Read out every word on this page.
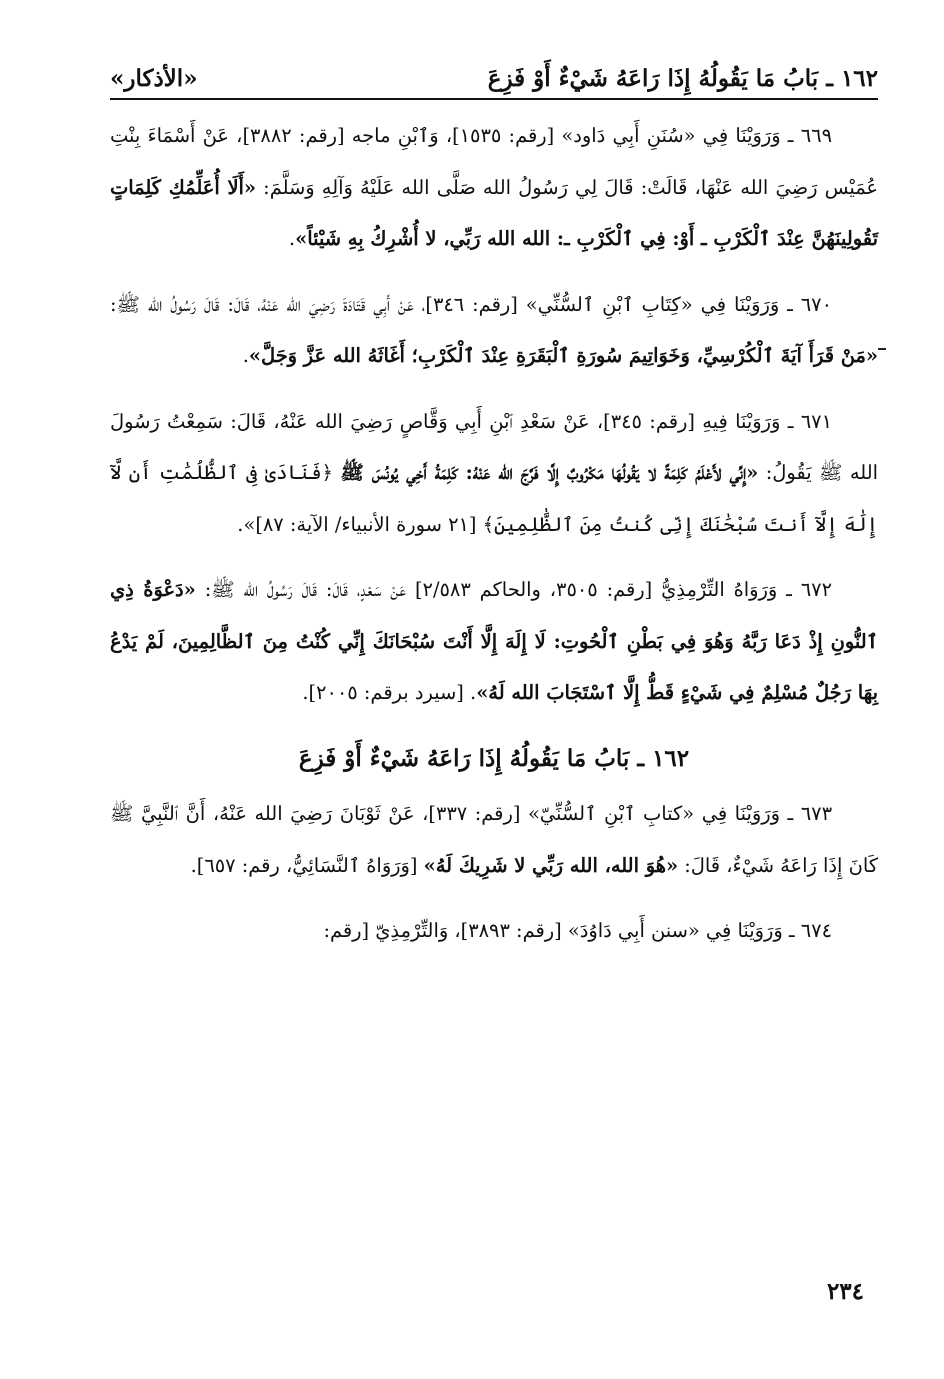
١٦٢ ـ بَابُ مَا يَقُولُهُ إِذَا رَاعَهُ شَيْءٌ أَوْ فَزِعَ
«الأذكار»

٦٦٩ ـ وَرَوَيْنَا فِي «سُنَنِ أَبِي دَاود» [رقم: ١٥٣٥]، وَٱبْنِ ماجه [رقم: ٣٨٨٢]، عَنْ أَسْمَاءَ بِنْتِ عُمَيْس رَضِيَ الله عَنْهَا، قَالَتْ: قَالَ لِي رَسُولُ الله صَلَّى الله عَلَيْهُ وَآلِهِ وَسَلَّمَ: «أَلَا أُعَلِّمُكِ كَلِمَاتٍ تَقُولِينَهُنَّ عِنْدَ ٱلْكَرْبِ ـ أَوْ: فِي ٱلْكَرْبِ ـ: الله الله رَبِّي، لا أُشْرِكُ بِهِ شَيْئاً».

٦٧٠ ـ وَرَوَيْنَا فِي «كِتَابِ ٱبْنِ ٱلسُّنِّي» [رقم: ٣٤٦]، عَنْ أَبِي قَتَادَةَ رَضِيَ الله عَنْهُ، قَالَ: قَالَ رَسُولُ الله ﷺ: «مَنْ قَرَأَ آيَةَ ٱلْكُرْسِيِّ، وَخَوَاتِيمَ سُورَةِ ٱلْبَقَرَةِ عِنْدَ ٱلْكَرْبِ؛ أَغَاثَهُ الله عَزَّ وَجَلَّ».

٦٧١ ـ وَرَوَيْنَا فِيهِ [رقم: ٣٤٥]، عَنْ سَعْدِ ٱبْنِ أَبِي وَقَّاصٍ رَضِيَ الله عَنْهُ، قَالَ: سَمِعْتُ رَسُولَ الله ﷺ يَقُولُ: «إِنِّي لأَعْلَمُ كَلِمَةً لا يَقُولُهَا مَكْرُوبٌ إِلَّا فَرَّجَ الله عَنْهُ: كَلِمَةُ أَخِي يُونُسَ ﷺ ﴿فَنَادَىٰ فِى ٱلظُّلُمَٰتِ أَن لَّآ إِلَٰهَ إِلَّآ أَنتَ سُبْحَٰنَكَ إِنِّى كُنتُ مِنَ ٱلظَّٰلِمِينَ﴾ [٢١ سورة الأنبياء/ الآية: ٨٧]».

٦٧٢ ـ وَرَوَاهُ التِّرْمِذِيُّ [رقم: ٣٥٠٥، والحاكم ٢/٥٨٣] عَنْ سَعْدٍ، قَالَ: قَالَ رَسُولُ الله ﷺ: «دَعْوَةُ ذِي ٱلنُّونِ إِذْ دَعَا رَبَّهُ وَهُوَ فِي بَطْنِ ٱلْحُوتِ: لَا إِلَهَ إِلَّا أَنْتَ سُبْحَانَكَ إِنِّي كُنْتُ مِنَ ٱلظَّالِمِينَ، لَمْ يَدْعُ بِهَا رَجُلٌ مُسْلِمٌ فِي شَيْءٍ قَطُّ إِلَّا ٱسْتَجَابَ الله لَهُ». [سيرد برقم: ٢٠٠٥].

١٦٢ ـ بَابُ مَا يَقُولُهُ إِذَا رَاعَهُ شَيْءٌ أَوْ فَزِعَ

٦٧٣ ـ وَرَوَيْنَا فِي «كتابِ ٱبْنِ ٱلسُّنِّيّ» [رقم: ٣٣٧]، عَنْ ثَوْبَانَ رَضِيَ الله عَنْهُ، أَنَّ ٱلنَّبِيَّ ﷺ كَانَ إِذَا رَاعَهُ شَيْءٌ، قَالَ: «هُوَ الله، الله رَبِّي لا شَرِيكَ لَهُ» [وَرَوَاهُ ٱلنَّسَائِيُّ، رقم: ٦٥٧].

٦٧٤ ـ وَرَوَيْنَا فِي «سنن أَبِي دَاوُدَ» [رقم: ٣٨٩٣]، وَالتِّرْمِذِيّ [رقم:

٢٣٤
